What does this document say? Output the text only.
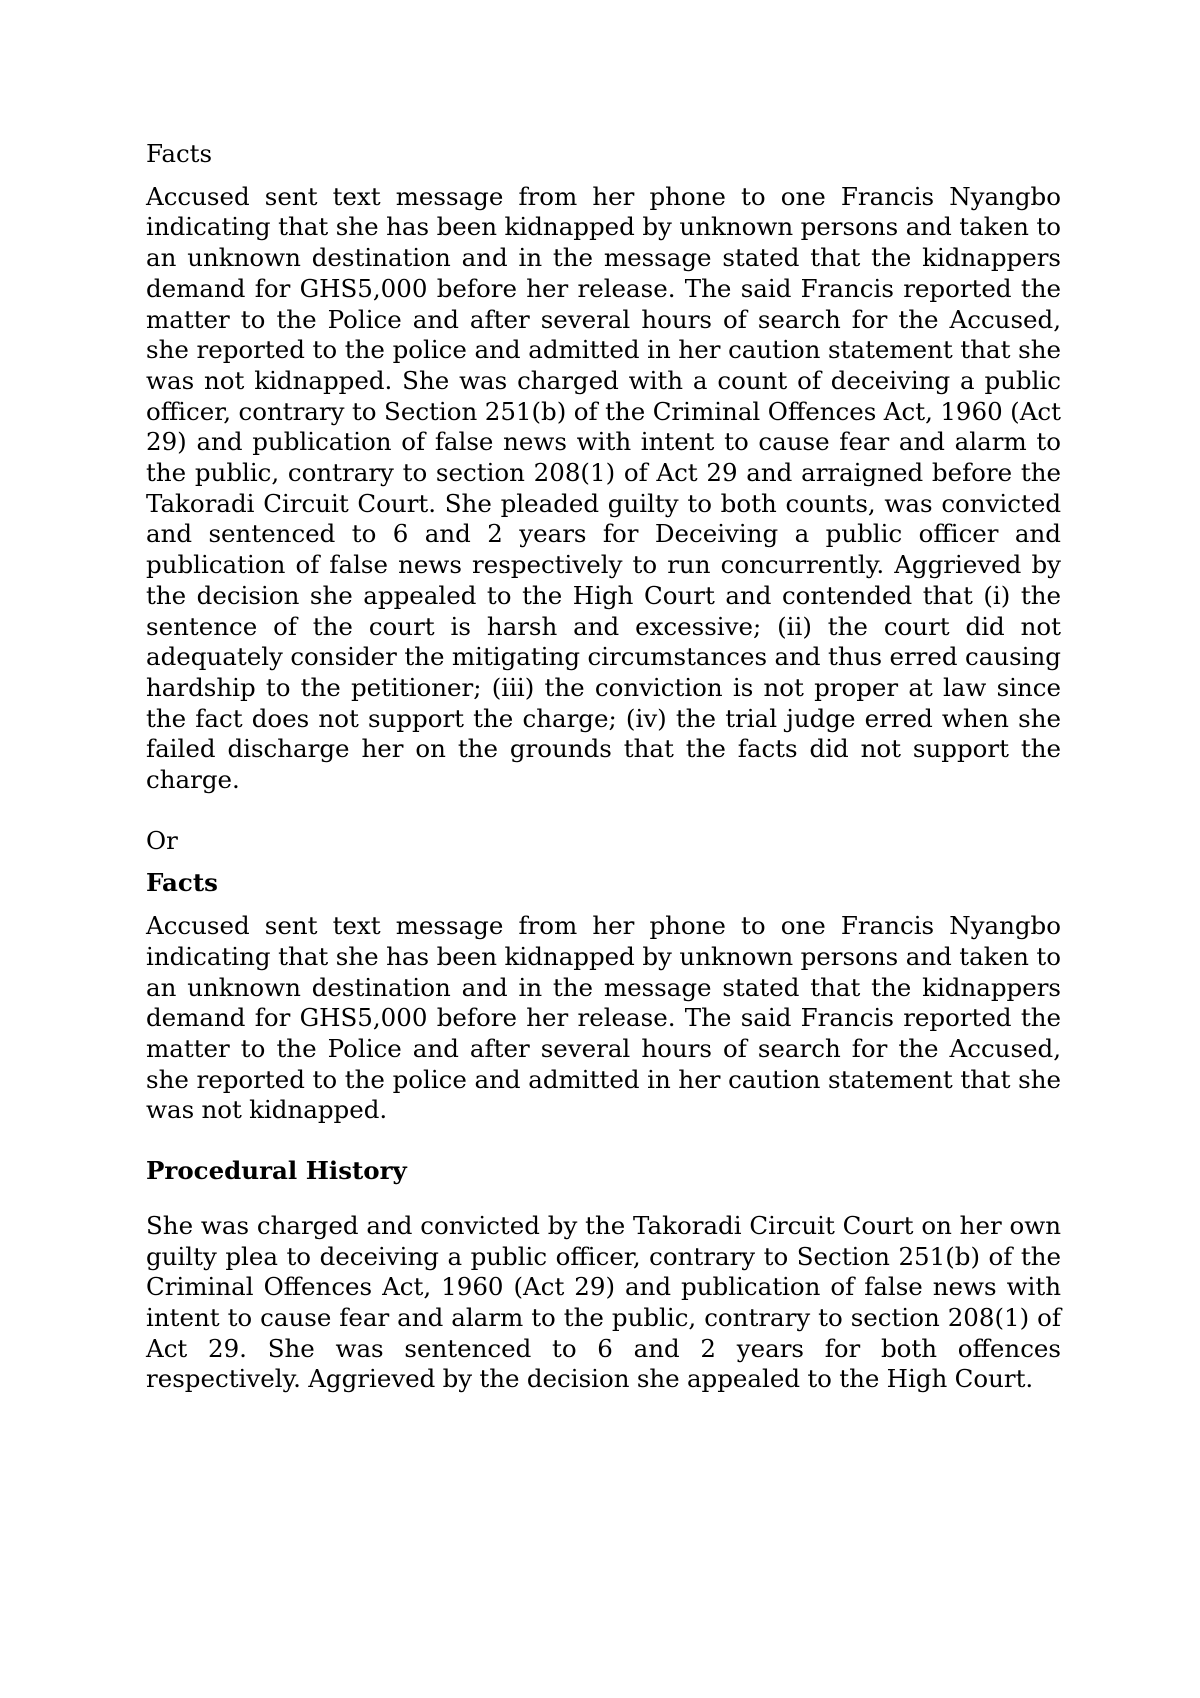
Facts

Accused sent text message from her phone to one Francis Nyangbo indicating that she has been kidnapped by unknown persons and taken to an unknown destination and in the message stated that the kidnappers demand for GHS5,000 before her release. The said Francis reported the matter to the Police and after several hours of search for the Accused, she reported to the police and admitted in her caution statement that she was not kidnapped. She was charged with a count of deceiving a public officer, contrary to Section 251(b) of the Criminal Offences Act, 1960 (Act 29) and publication of false news with intent to cause fear and alarm to the public, contrary to section 208(1) of Act 29 and arraigned before the Takoradi Circuit Court. She pleaded guilty to both counts, was convicted and sentenced to 6 and 2 years for Deceiving a public officer and publication of false news respectively to run concurrently. Aggrieved by the decision she appealed to the High Court and contended that (i) the sentence of the court is harsh and excessive; (ii) the court did not adequately consider the mitigating circumstances and thus erred causing hardship to the petitioner; (iii) the conviction is not proper at law since the fact does not support the charge; (iv) the trial judge erred when she failed discharge her on the grounds that the facts did not support the charge.

Or

Facts

Accused sent text message from her phone to one Francis Nyangbo indicating that she has been kidnapped by unknown persons and taken to an unknown destination and in the message stated that the kidnappers demand for GHS5,000 before her release. The said Francis reported the matter to the Police and after several hours of search for the Accused, she reported to the police and admitted in her caution statement that she was not kidnapped.

Procedural History

She was charged and convicted by the Takoradi Circuit Court on her own guilty plea to deceiving a public officer, contrary to Section 251(b) of the Criminal Offences Act, 1960 (Act 29) and publication of false news with intent to cause fear and alarm to the public, contrary to section 208(1) of Act 29. She was sentenced to 6 and 2 years for both offences respectively. Aggrieved by the decision she appealed to the High Court.
